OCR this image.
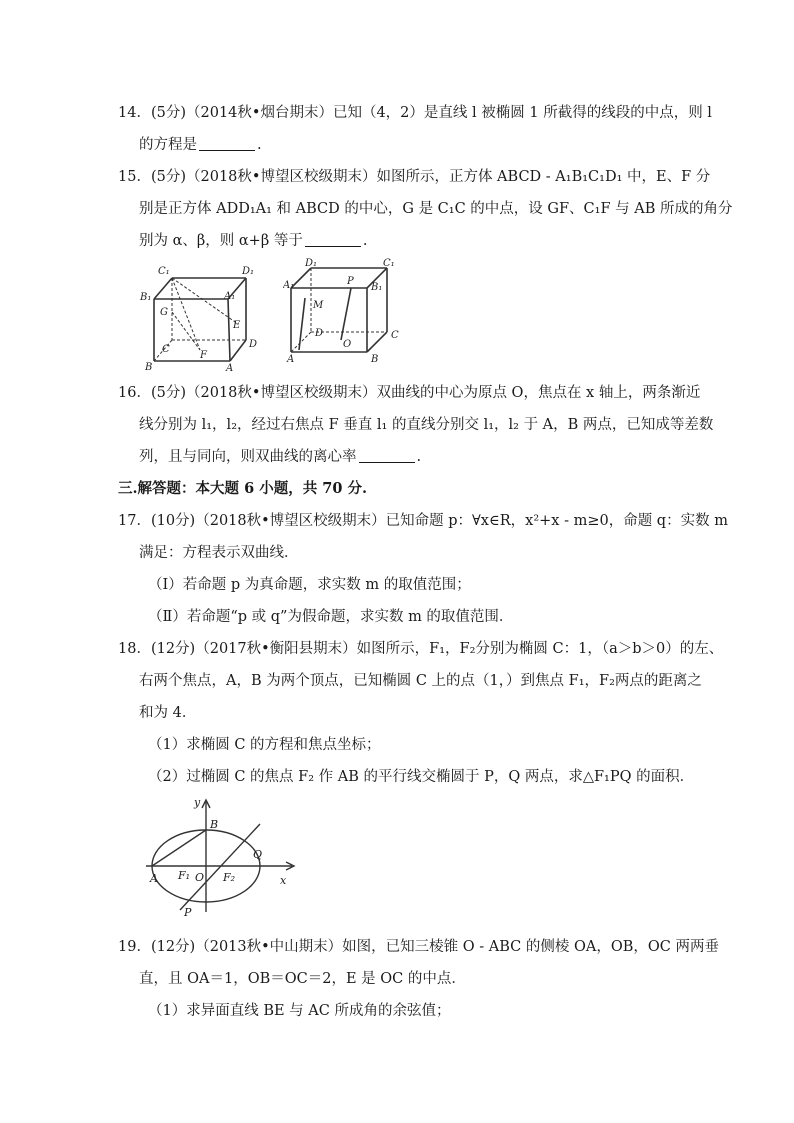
14．(5分)（2014秋•烟台期末）已知（4，2）是直线 l 被椭圆 1 所截得的线段的中点，则 l
的方程是	.
15．(5分)（2018秋•博望区校级期末）如图所示，正方体 ABCD - A₁B₁C₁D₁ 中，E、F 分
别是正方体 ADD₁A₁ 和 ABCD 的中心，G 是 C₁C 的中点，设 GF、C₁F 与 AB 所成的角分
别为 α、β，则 α+β 等于	.
C₁	D₁
B₁	A₁
G
E
C	D
F
B	A
D₁	C₁
A₁	P
B₁
M
D	C
O
A	B
16．(5分)（2018秋•博望区校级期末）双曲线的中心为原点 O，焦点在 x 轴上，两条渐近
线分别为 l₁，l₂，经过右焦点 F 垂直 l₁ 的直线分别交 l₁，l₂ 于 A，B 两点，已知成等差数
列，且与同向，则双曲线的离心率	.
三.解答题：本大题 6 小题，共 70 分.
17．(10分)（2018秋•博望区校级期末）已知命题 p：∀x∈R，x²+x - m≥0，命题 q：实数 m
满足：方程表示双曲线．
（Ⅰ）若命题 p 为真命题，求实数 m 的取值范围；
（Ⅱ）若命题“p 或 q”为假命题，求实数 m 的取值范围．
18．(12分)（2017秋•衡阳县期末）如图所示，F₁，F₂分别为椭圆 C：1，（a＞b＞0）的左、
右两个焦点，A，B 为两个顶点，已知椭圆 C 上的点（1，）到焦点 F₁，F₂两点的距离之
和为 4．
（1）求椭圆 C 的方程和焦点坐标；
（2）过椭圆 C 的焦点 F₂ 作 AB 的平行线交椭圆于 P，Q 两点，求△F₁PQ 的面积．
y
B
Q
A F₁ O F₂	x
P
19．(12分)（2013秋•中山期末）如图，已知三棱锥 O - ABC 的侧棱 OA，OB，OC 两两垂
直，且 OA＝1，OB＝OC＝2，E 是 OC 的中点．
（1）求异面直线 BE 与 AC 所成角的余弦值；
